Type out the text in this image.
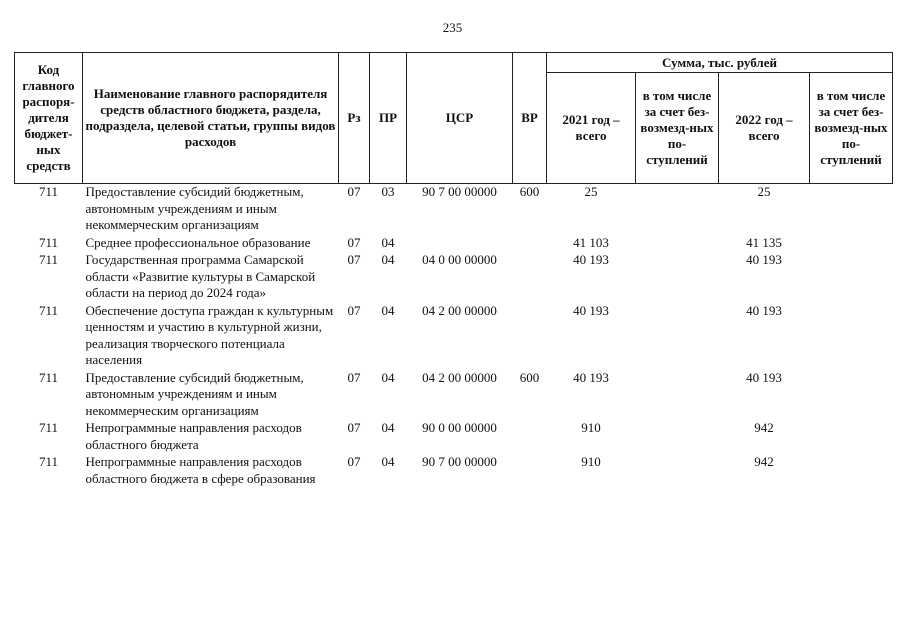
235
Код главного распоря-дителя бюджет-ных средств	Наименование главного распорядителя средств областного бюджета, раздела, подраздела, целевой статьи, группы видов расходов	Рз	ПР	ЦСР	ВР	Сумма, тыс. рублей			
						2021 год – всего	в том числе за счет без-возмезд-ных по-ступлений	2022 год – всего	в том числе за счет без-возмезд-ных по-ступлений
711	Предоставление субсидий бюджетным, автономным учреждениям и иным некоммерческим организациям	07	03	90 7 00 00000	600	25		25	
711	Среднее профессиональное образование	07	04			41 103		41 135	
711	Государственная программа Самарской области «Развитие культуры в Самарской области на период до 2024 года»	07	04	04 0 00 00000		40 193		40 193	
711	Обеспечение доступа граждан к культурным ценностям и участию в культурной жизни, реализация творческого потенциала населения	07	04	04 2 00 00000		40 193		40 193	
711	Предоставление субсидий бюджетным, автономным учреждениям и иным некоммерческим организациям	07	04	04 2 00 00000	600	40 193		40 193	
711	Непрограммные направления расходов областного бюджета	07	04	90 0 00 00000		910		942	
711	Непрограммные направления расходов областного бюджета в сфере образования	07	04	90 7 00 00000		910		942	
